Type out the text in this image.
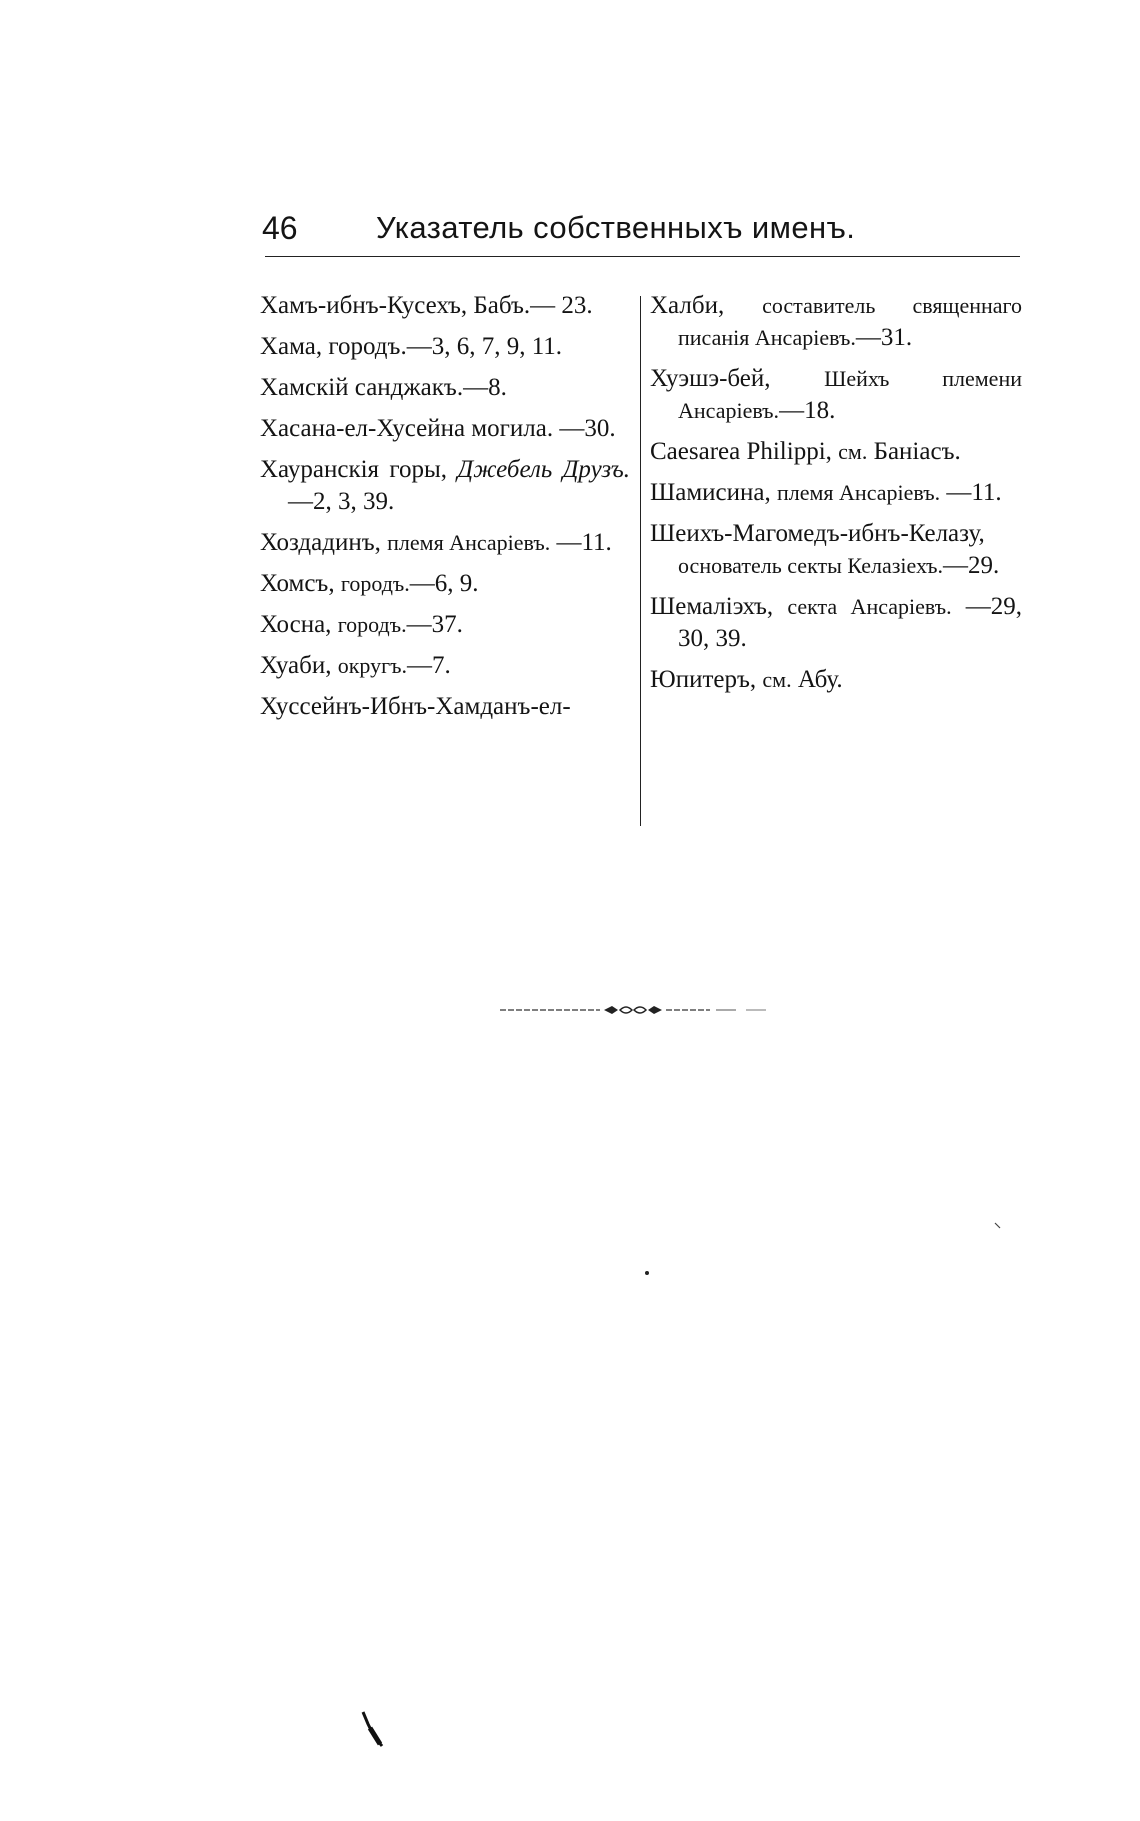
46	Указатель собственныхъ именъ.

Хамъ-ибнъ-Кусехъ, Бабъ.— 23.

Хама, городъ.—3, 6, 7, 9, 11.

Хамскій санджакъ.—8.

Хасана-ел-Хусейна могила. —30.

Хауранскія горы, Джебель Друзъ.—2, 3, 39.

Хоздадинъ, племя Ансаріевъ. —11.

Хомсъ, городъ.—6, 9.

Хосна, городъ.—37.

Хуаби, округъ.—7.

Хуссейнъ-Ибнъ-Хамданъ-ел-

Халби, составитель священнаго писанія Ансаріевъ.—31.

Хуэшэ-бей, Шейхъ племени Ансаріевъ.—18.

Caesarea Philippi, см. Баніасъ.

Шамисина, племя Ансаріевъ. —11.

Шеихъ-Магомедъ-ибнъ-Келазу, основатель секты Келазіехъ.—29.

Шемаліэхъ, секта Ансаріевъ. —29, 30, 39.

Юпитеръ, см. Абу.
